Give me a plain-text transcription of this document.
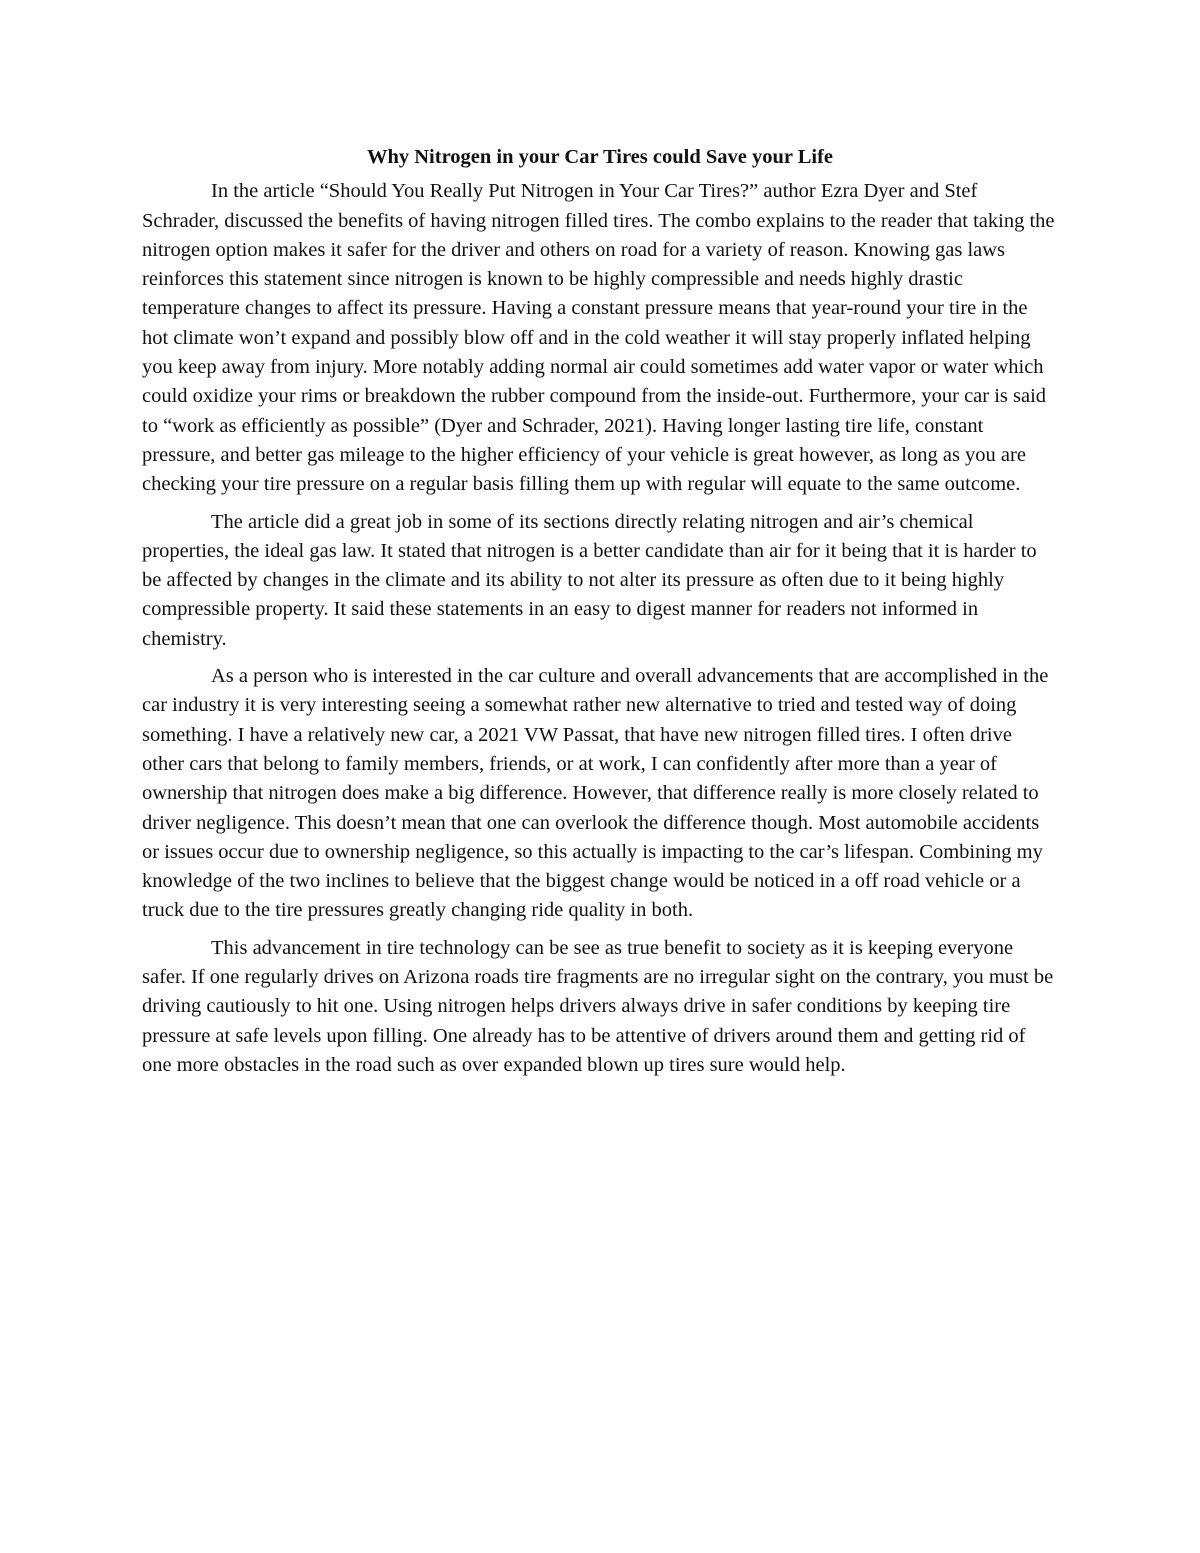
Why Nitrogen in your Car Tires could Save your Life

In the article “Should You Really Put Nitrogen in Your Car Tires?” author Ezra Dyer and Stef Schrader, discussed the benefits of having nitrogen filled tires. The combo explains to the reader that taking the nitrogen option makes it safer for the driver and others on road for a variety of reason. Knowing gas laws reinforces this statement since nitrogen is known to be highly compressible and needs highly drastic temperature changes to affect its pressure. Having a constant pressure means that year-round your tire in the hot climate won’t expand and possibly blow off and in the cold weather it will stay properly inflated helping you keep away from injury. More notably adding normal air could sometimes add water vapor or water which could oxidize your rims or breakdown the rubber compound from the inside-out. Furthermore, your car is said to “work as efficiently as possible” (Dyer and Schrader, 2021). Having longer lasting tire life, constant pressure, and better gas mileage to the higher efficiency of your vehicle is great however, as long as you are checking your tire pressure on a regular basis filling them up with regular will equate to the same outcome.

The article did a great job in some of its sections directly relating nitrogen and air’s chemical properties, the ideal gas law. It stated that nitrogen is a better candidate than air for it being that it is harder to be affected by changes in the climate and its ability to not alter its pressure as often due to it being highly compressible property. It said these statements in an easy to digest manner for readers not informed in chemistry.

As a person who is interested in the car culture and overall advancements that are accomplished in the car industry it is very interesting seeing a somewhat rather new alternative to tried and tested way of doing something. I have a relatively new car, a 2021 VW Passat, that have new nitrogen filled tires. I often drive other cars that belong to family members, friends, or at work, I can confidently after more than a year of ownership that nitrogen does make a big difference. However, that difference really is more closely related to driver negligence. This doesn’t mean that one can overlook the difference though. Most automobile accidents or issues occur due to ownership negligence, so this actually is impacting to the car’s lifespan. Combining my knowledge of the two inclines to believe that the biggest change would be noticed in a off road vehicle or a truck due to the tire pressures greatly changing ride quality in both.

This advancement in tire technology can be see as true benefit to society as it is keeping everyone safer. If one regularly drives on Arizona roads tire fragments are no irregular sight on the contrary, you must be driving cautiously to hit one. Using nitrogen helps drivers always drive in safer conditions by keeping tire pressure at safe levels upon filling. One already has to be attentive of drivers around them and getting rid of one more obstacles in the road such as over expanded blown up tires sure would help.
